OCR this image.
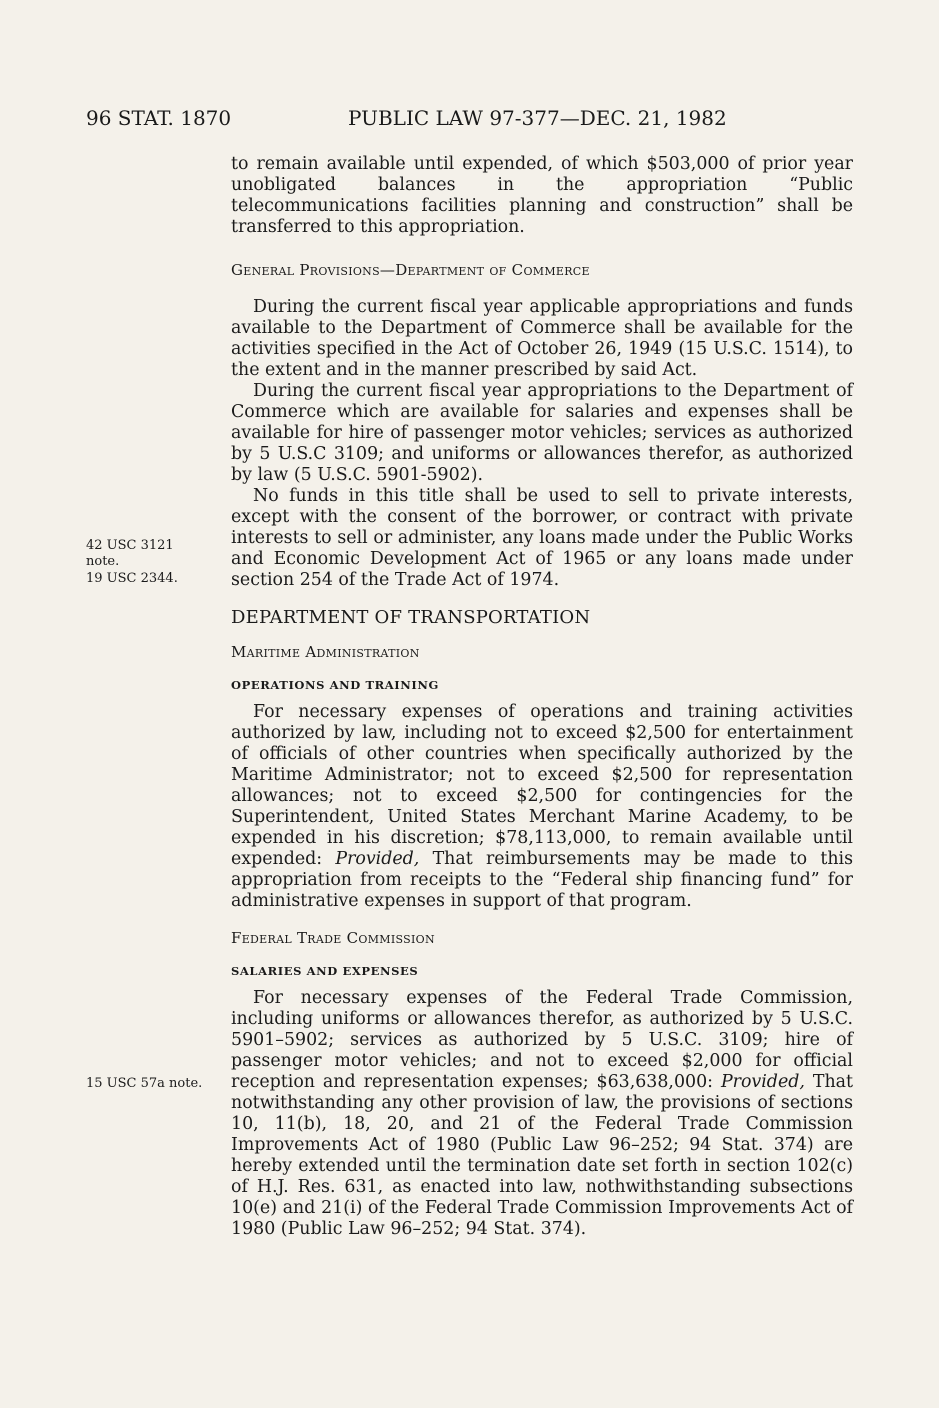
96 STAT. 1870	PUBLIC LAW 97-377—DEC. 21, 1982
42 USC 3121
note.
19 USC 2344.
15 USC 57a note.

to remain available until expended, of which $503,000 of prior year unobligated balances in the appropriation “Public telecommunications facilities planning and construction” shall be transferred to this appropriation.

General Provisions—Department of Commerce

During the current fiscal year applicable appropriations and funds available to the Department of Commerce shall be available for the activities specified in the Act of October 26, 1949 (15 U.S.C. 1514), to the extent and in the manner prescribed by said Act.

During the current fiscal year appropriations to the Department of Commerce which are available for salaries and expenses shall be available for hire of passenger motor vehicles; services as authorized by 5 U.S.C 3109; and uniforms or allowances therefor, as authorized by law (5 U.S.C. 5901-5902).

No funds in this title shall be used to sell to private interests, except with the consent of the borrower, or contract with private interests to sell or administer, any loans made under the Public Works and Economic Development Act of 1965 or any loans made under section 254 of the Trade Act of 1974.

DEPARTMENT OF TRANSPORTATION

Maritime Administration

OPERATIONS AND TRAINING

For necessary expenses of operations and training activities authorized by law, including not to exceed $2,500 for entertainment of officials of other countries when specifically authorized by the Maritime Administrator; not to exceed $2,500 for representation allowances; not to exceed $2,500 for contingencies for the Superintendent, United States Merchant Marine Academy, to be expended in his discretion; $78,113,000, to remain available until expended: Provided, That reimbursements may be made to this appropriation from receipts to the “Federal ship financing fund” for administrative expenses in support of that program.

Federal Trade Commission

SALARIES AND EXPENSES

For necessary expenses of the Federal Trade Commission, including uniforms or allowances therefor, as authorized by 5 U.S.C. 5901–5902; services as authorized by 5 U.S.C. 3109; hire of passenger motor vehicles; and not to exceed $2,000 for official reception and representation expenses; $63,638,000: Provided, That notwithstanding any other provision of law, the provisions of sections 10, 11(b), 18, 20, and 21 of the Federal Trade Commission Improvements Act of 1980 (Public Law 96–252; 94 Stat. 374) are hereby extended until the termination date set forth in section 102(c) of H.J. Res. 631, as enacted into law, nothwithstanding subsections 10(e) and 21(i) of the Federal Trade Commission Improvements Act of 1980 (Public Law 96–252; 94 Stat. 374).
